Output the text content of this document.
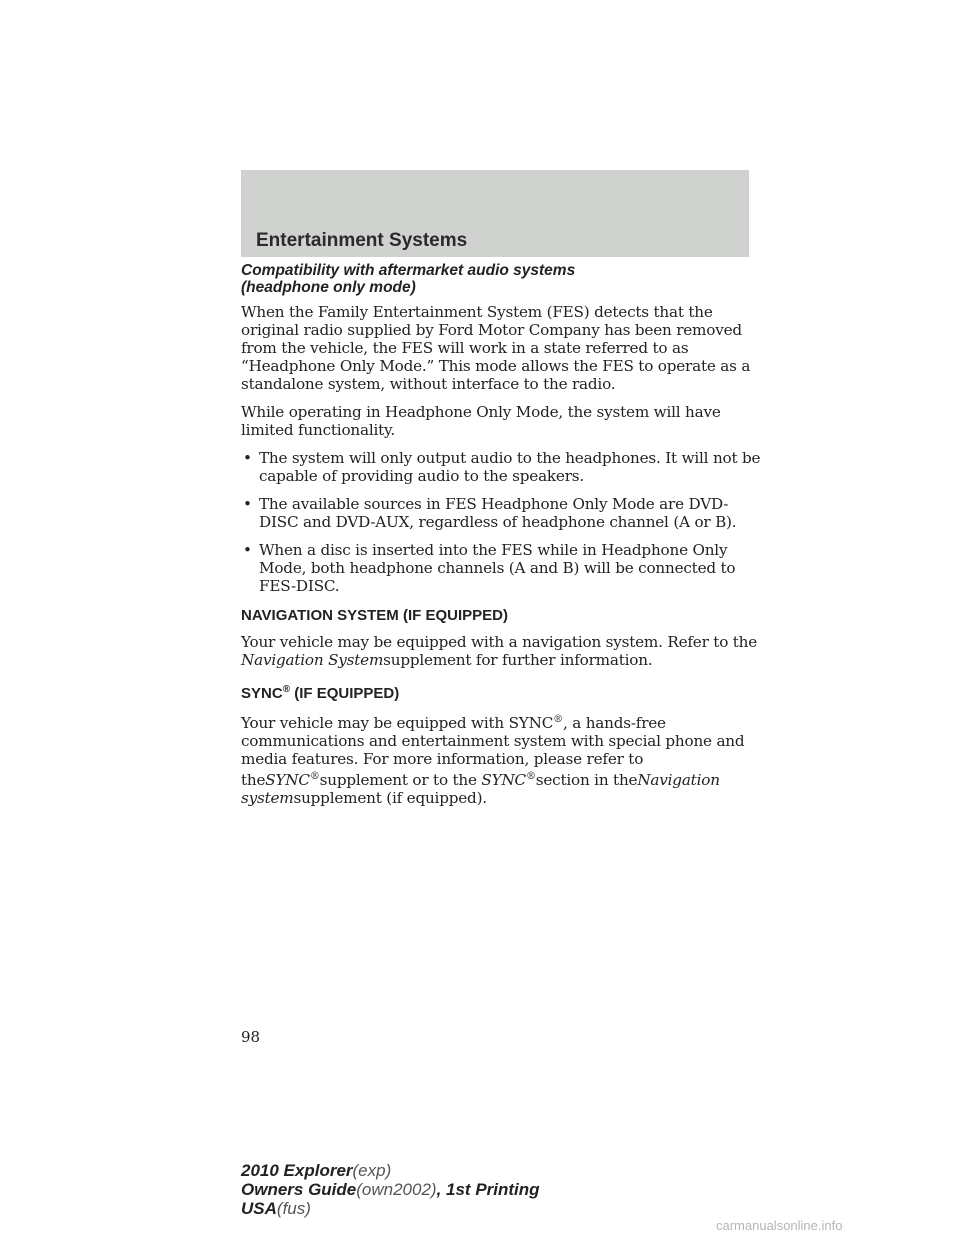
Entertainment Systems
Compatibility with aftermarket audio systems
(headphone only mode)

When the Family Entertainment System (FES) detects that the original radio supplied by Ford Motor Company has been removed from the vehicle, the FES will work in a state referred to as “Headphone Only Mode.” This mode allows the FES to operate as a standalone system, without interface to the radio.

While operating in Headphone Only Mode, the system will have limited functionality.

• The system will only output audio to the headphones. It will not be capable of providing audio to the speakers.
• The available sources in FES Headphone Only Mode are DVD-DISC and DVD-AUX, regardless of headphone channel (A or B).
• When a disc is inserted into the FES while in Headphone Only Mode, both headphone channels (A and B) will be connected to FES-DISC.
NAVIGATION SYSTEM (IF EQUIPPED)

Your vehicle may be equipped with a navigation system. Refer to the Navigation Systemsupplement for further information.

SYNC® (IF EQUIPPED)

Your vehicle may be equipped with SYNC®, a hands-free communications and entertainment system with special phone and media features. For more information, please refer to theSYNC®supplement or to the SYNC®section in theNavigation systemsupplement (if equipped).

98
2010 Explorer(exp)
Owners Guide(own2002), 1st Printing
USA(fus)
carmanualsonline.info
